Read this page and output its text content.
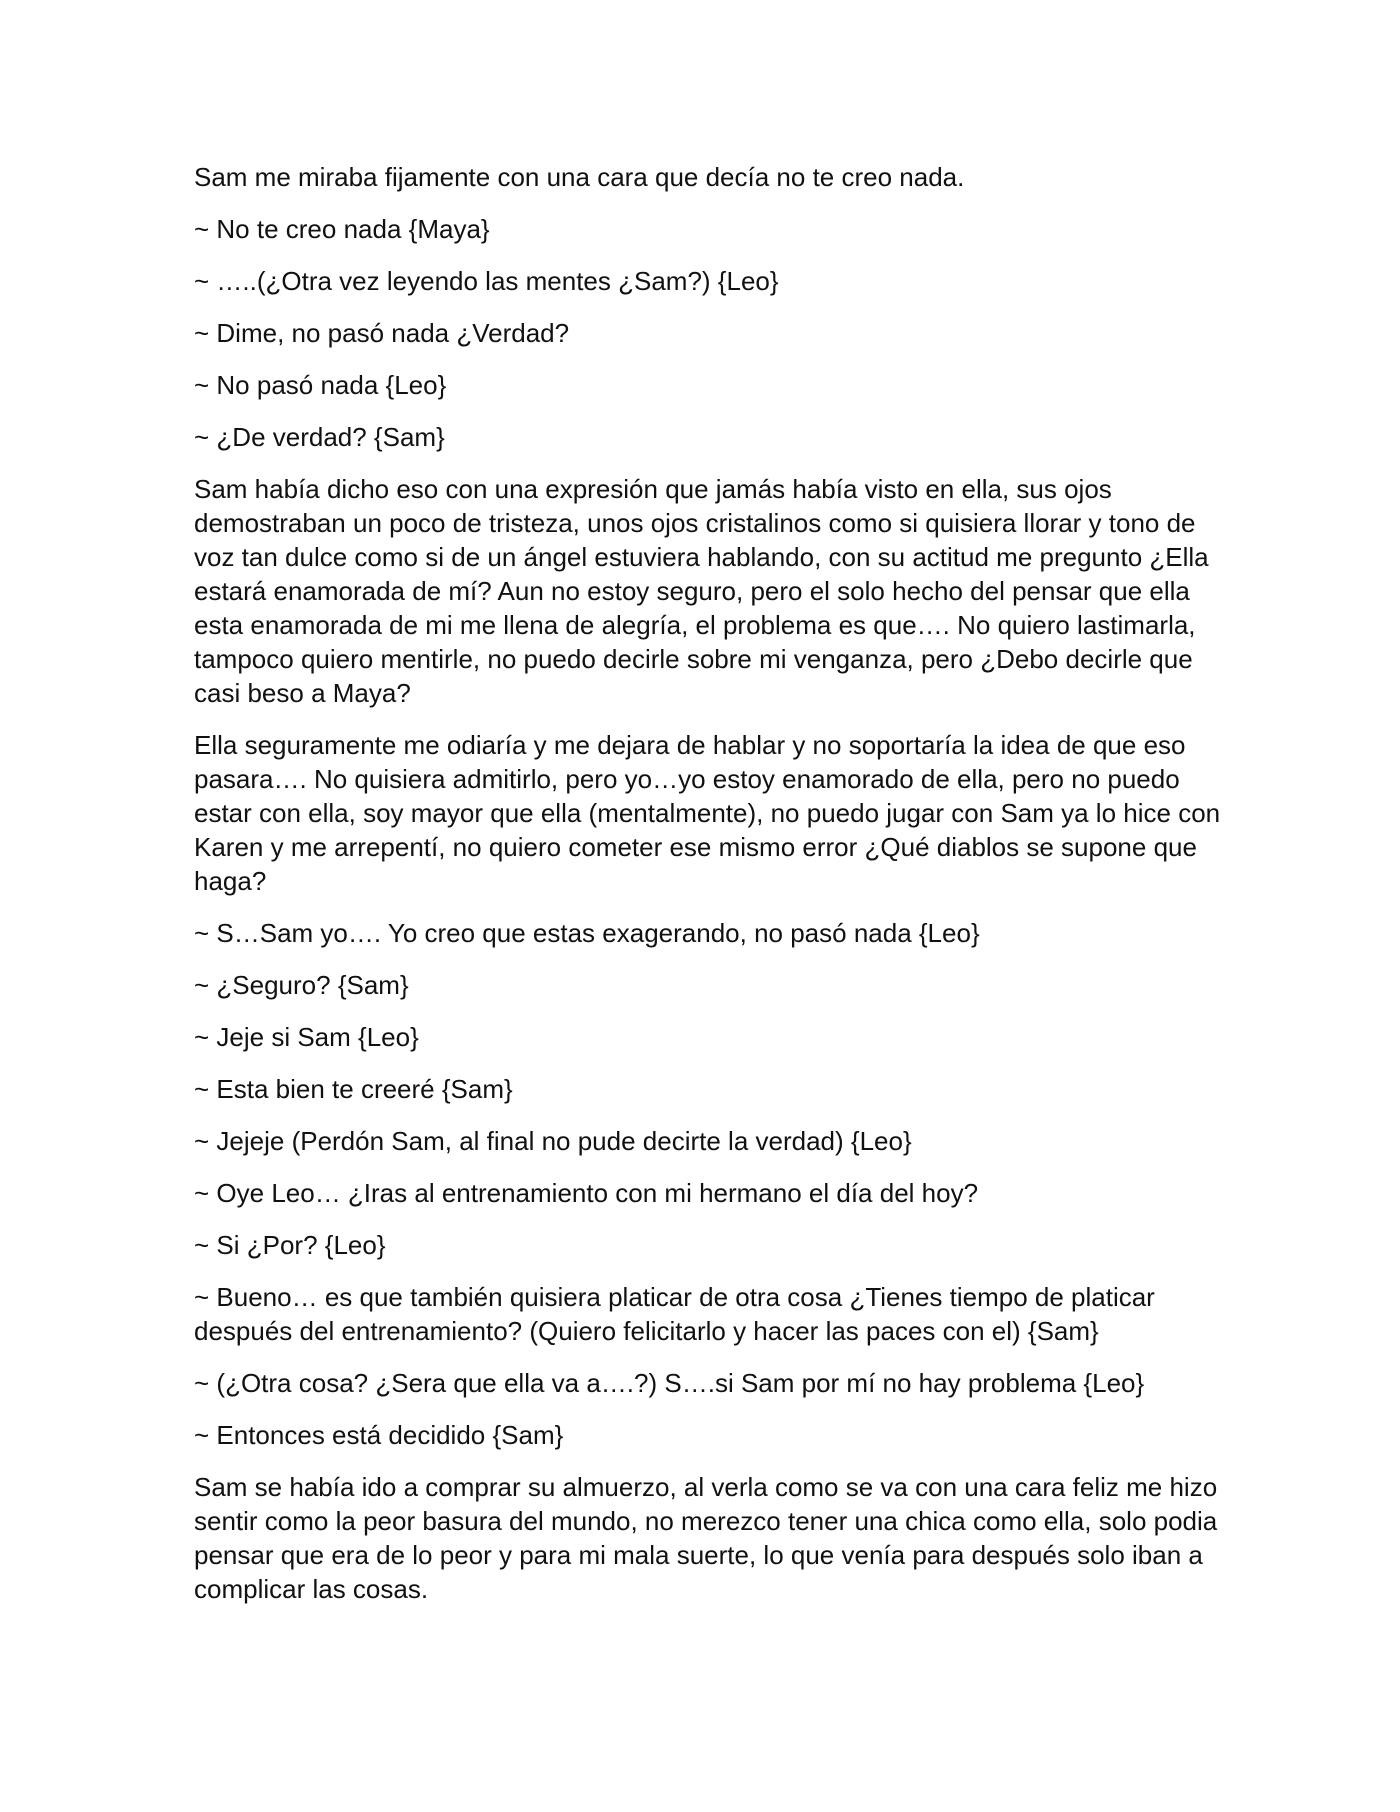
Sam me miraba fijamente con una cara que decía no te creo nada.

~ No te creo nada {Maya}

~ …..(¿Otra vez leyendo las mentes ¿Sam?) {Leo}

~ Dime, no pasó nada ¿Verdad?

~ No pasó nada {Leo}

~ ¿De verdad? {Sam}

Sam había dicho eso con una expresión que jamás había visto en ella, sus ojos demostraban un poco de tristeza, unos ojos cristalinos como si quisiera llorar y tono de voz tan dulce como si de un ángel estuviera hablando, con su actitud me pregunto ¿Ella estará enamorada de mí? Aun no estoy seguro, pero el solo hecho del pensar que ella esta enamorada de mi me llena de alegría, el problema es que…. No quiero lastimarla, tampoco quiero mentirle, no puedo decirle sobre mi venganza, pero ¿Debo decirle que casi beso a Maya?

Ella seguramente me odiaría y me dejara de hablar y no soportaría la idea de que eso pasara…. No quisiera admitirlo, pero yo…yo estoy enamorado de ella, pero no puedo estar con ella, soy mayor que ella (mentalmente), no puedo jugar con Sam ya lo hice con Karen y me arrepentí, no quiero cometer ese mismo error ¿Qué diablos se supone que haga?

~ S…Sam yo…. Yo creo que estas exagerando, no pasó nada {Leo}

~ ¿Seguro? {Sam}

~ Jeje si Sam {Leo}

~ Esta bien te creeré {Sam}

~ Jejeje (Perdón Sam, al final no pude decirte la verdad) {Leo}

~ Oye Leo… ¿Iras al entrenamiento con mi hermano el día del hoy?

~ Si ¿Por? {Leo}

~ Bueno… es que también quisiera platicar de otra cosa ¿Tienes tiempo de platicar después del entrenamiento? (Quiero felicitarlo y hacer las paces con el) {Sam}

~ (¿Otra cosa? ¿Sera que ella va a….?) S….si Sam por mí no hay problema {Leo}

~ Entonces está decidido {Sam}

Sam se había ido a comprar su almuerzo, al verla como se va con una cara feliz me hizo sentir como la peor basura del mundo, no merezco tener una chica como ella, solo podia pensar que era de lo peor y para mi mala suerte, lo que venía para después solo iban a complicar las cosas.
